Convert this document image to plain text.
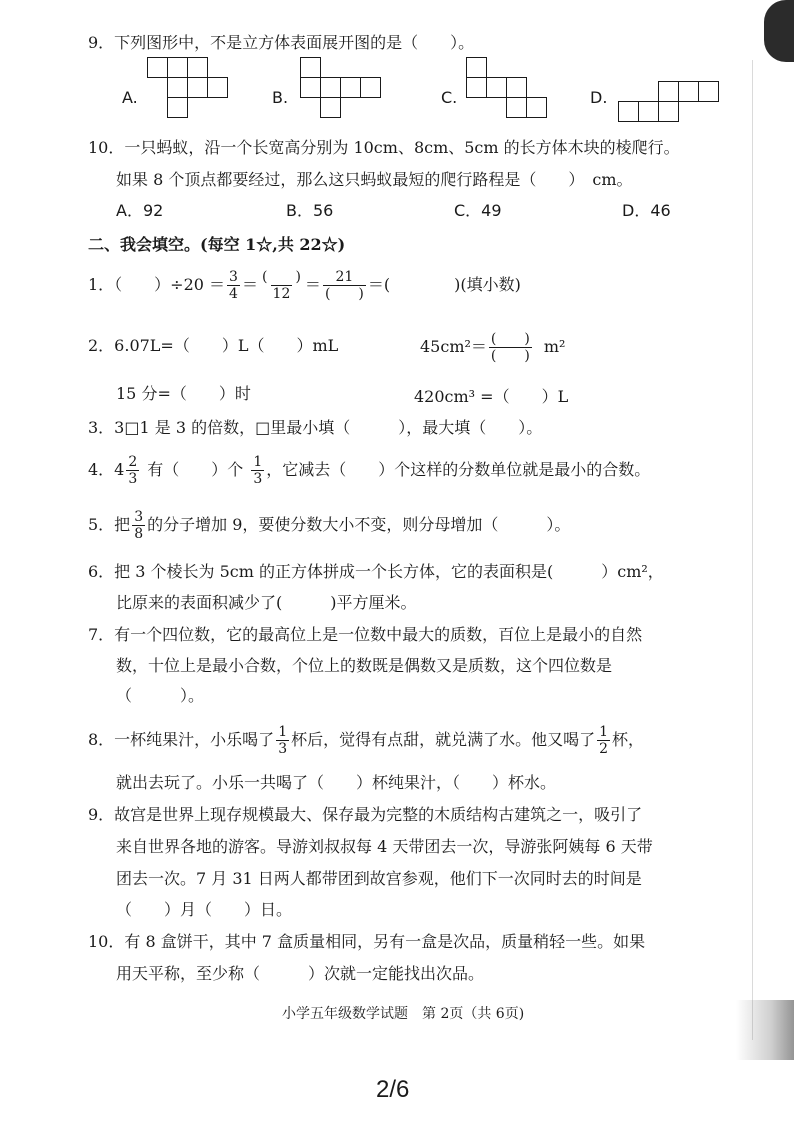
9．下列图形中，不是立方体表面展开图的是（　　）。
A.	B.	C.	D.
10．一只蚂蚁，沿一个长宽高分别为 10cm、8cm、5cm 的长方体木块的棱爬行。
如果 8 个顶点都要经过，那么这只蚂蚁最短的爬行路程是（　　）　cm。
A．92	B．56	C．49	D．46
二、我会填空。(每空 1☆,共 22☆)
1．（　　）$\div 20 = \frac{3}{4} = \frac{( )}{12} = \frac{21}{( )}$ ＝(　　　　)(填小数)
2．6.07L=（　　）L（　　）mL	$45cm^2= \frac{( )}{( )} m^2$
15 分=（　　）时	420cm³ =（　　）L
3．3□1 是 3 的倍数，□里最小填（　　　），最大填（　　）。
4．$4 \frac{2}{3}$ 有（　　）个 $\frac{1}{3}$ ，它减去（　　）个这样的分数单位就是最小的合数。
5．把 $\frac{3}{8}$ 的分子增加 9，要使分数大小不变，则分母增加（　　　）。
6．把 3 个棱长为 5cm 的正方体拼成一个长方体，它的表面积是(　　　）cm²，
比原来的表面积减少了(　　　)平方厘米。
7．有一个四位数，它的最高位上是一位数中最大的质数，百位上是最小的自然
数，十位上是最小合数，个位上的数既是偶数又是质数，这个四位数是
（　　　）。
8．一杯纯果汁，小乐喝了 $\frac{1}{3}$ 杯后，觉得有点甜，就兑满了水。他又喝了 $\frac{1}{2}$ 杯，
就出去玩了。小乐一共喝了（　　）杯纯果汁，（　　）杯水。
9．故宫是世界上现存规模最大、保存最为完整的木质结构古建筑之一，吸引了
来自世界各地的游客。导游刘叔叔每 4 天带团去一次，导游张阿姨每 6 天带
团去一次。7 月 31 日两人都带团到故宫参观，他们下一次同时去的时间是
（　　）月（　　）日。
10．有 8 盒饼干，其中 7 盒质量相同，另有一盒是次品，质量稍轻一些。如果
用天平称，至少称（　　　）次就一定能找出次品。
小学五年级数学试题　第 2页（共 6页)
2/6
